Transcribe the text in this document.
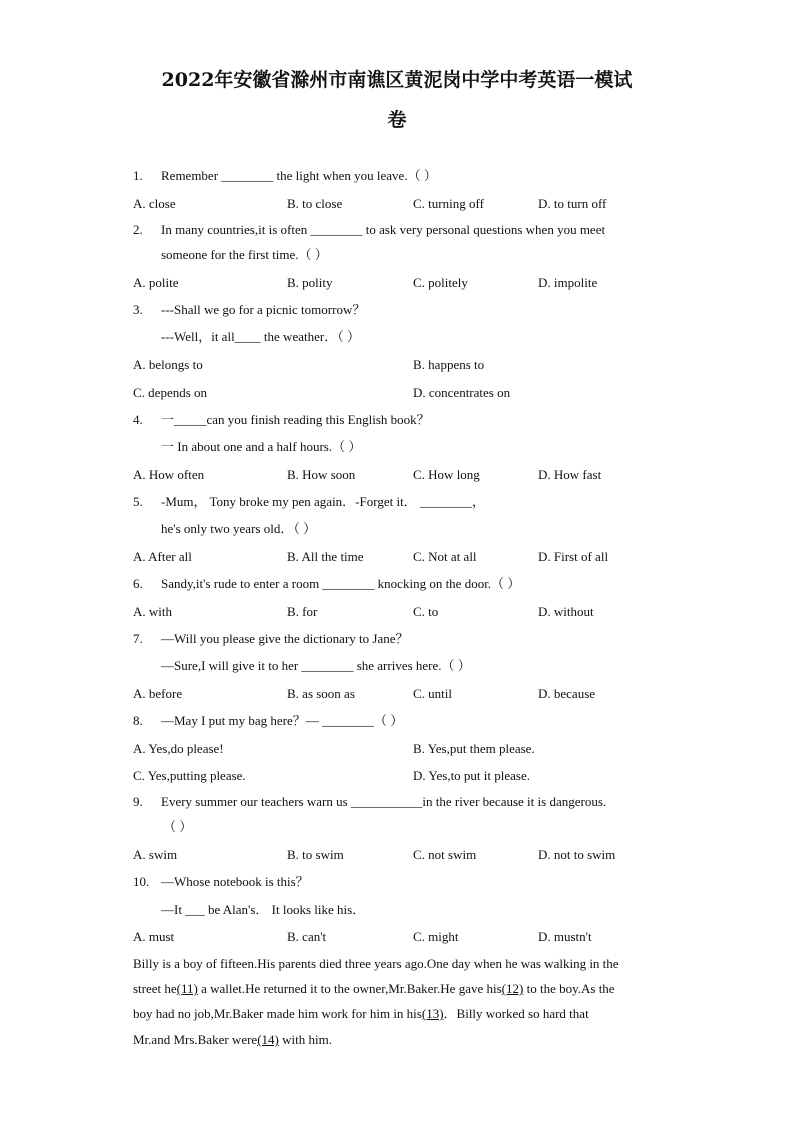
2022年安徽省滁州市南谯区黄泥岗中学中考英语一模试
卷
1. Remember ________ the light when you leave.（ ）
A. close	B. to close	C. turning off	D. to turn off
2. In many countries,it is often ________ to ask very personal questions when you meet
someone for the first time.（ ）
A. polite	B. polity	C. politely	D. impolite
3. ---Shall we go for a picnic tomorrow？
---Well，it all____ the weather．（ ）
A. belongs to	B. happens to
C. depends on	D. concentrates on
4. 一_____can you finish reading this English book？
一 In about one and a half hours.（ ）
A. How often	B. How soon	C. How long	D. How fast
5. -Mum， Tony broke my pen again．-Forget it． ________，
he's only two years old．（ ）
A. After all	B. All the time	C. Not at all	D. First of all
6. Sandy,it's rude to enter a room ________ knocking on the door.（ ）
A. with	B. for	C. to	D. without
7. —Will you please give the dictionary to Jane？
—Sure,I will give it to her ________ she arrives here.（ ）
A. before	B. as soon as	C. until	D. because
8. —May I put my bag here？— ________（ ）
A. Yes,do please!	B. Yes,put them please.
C. Yes,putting please.	D. Yes,to put it please.
9. Every summer our teachers warn us ___________in the river because it is dangerous.
（ ）
A. swim	B. to swim	C. not swim	D. not to swim
10. —Whose notebook is this？
—It ___ be Alan's． It looks like his．
A. must	B. can't	C. might	D. mustn't
Billy is a boy of fifteen.His parents died three years ago.One day when he was walking in the
street he(11) a wallet.He returned it to the owner,Mr.Baker.He gave his(12) to the boy.As the
boy had no job,Mr.Baker made him work for him in his(13)．Billy worked so hard that
Mr.and Mrs.Baker were(14) with him.
